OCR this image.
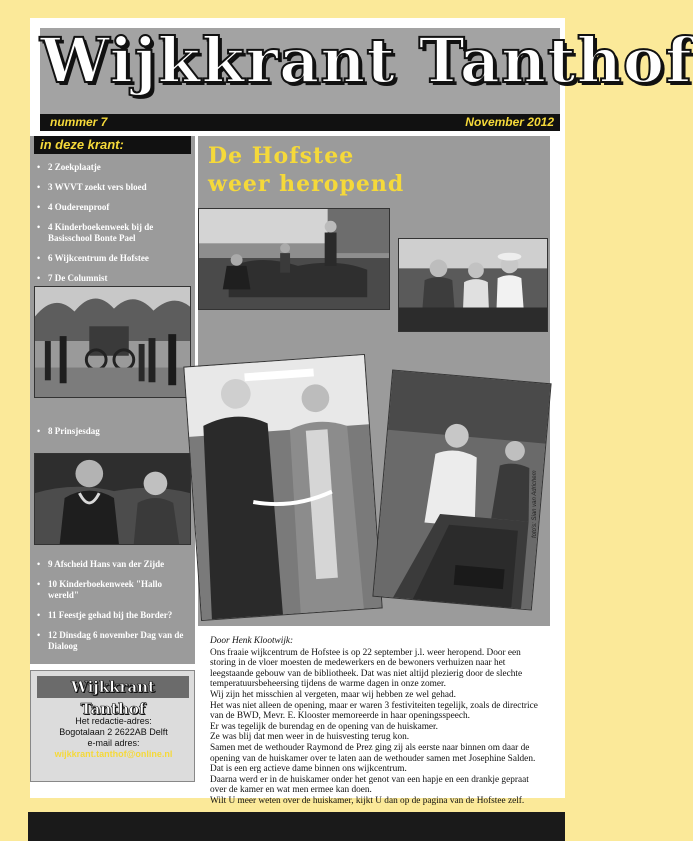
Wijkkrant Tanthof
nummer 7	November 2012
in deze krant:
• 2 Zoekplaatje
• 3 WVVT zoekt vers bloed
• 4 Ouderenproof
• 4 Kinderboekenweek bij de Basisschool Bonte Pael
• 6 Wijkcentrum de Hofstee
• 7 De Columnist
• 8 Prinsjesdag
• 9 Afscheid Hans van der Zijde
• 10 Kinderboekenweek "Hallo wereld"
• 11 Feestje gehad bij the Border?
• 12 Dinsdag 6 november Dag van de Dialoog
Wijkkrant Tanthof
Het redactie-adres:
Bogotalaan 2 2622AB Delft
e-mail adres:
wijkkrant.tanthof@online.nl
De Hofstee
weer heropend
foto's: Sian van Adrichem
Door Henk Klootwijk:
Ons fraaie wijkcentrum de Hofstee is op 22 september j.l. weer heropend. Door een storing in de vloer moesten de medewerkers en de bewoners verhuizen naar het leegstaande gebouw van de bibliotheek. Dat was niet altijd plezierig door de slechte temperatuursbeheersing tijdens de warme dagen in onze zomer.
Wij zijn het misschien al vergeten, maar wij hebben ze wel gehad.
Het was niet alleen de opening, maar er waren 3 festiviteiten tegelijk, zoals de directrice van de BWD, Mevr. E. Klooster memoreerde in haar openingsspeech.
Er was tegelijk de burendag en de opening van de huiskamer.
Ze was blij dat men weer in de huisvesting terug kon.
Samen met de wethouder Raymond de Prez ging zij als eerste naar binnen om daar de opening van de huiskamer over te laten aan de wethouder samen met Josephine Salden. Dat is een erg actieve dame binnen ons wijkcentrum.
Daarna werd er in de huiskamer onder het genot van een hapje en een drankje gepraat over de kamer en wat men ermee kan doen.
Wilt U meer weten over de huiskamer, kijkt U dan op de pagina van de Hofstee zelf.
